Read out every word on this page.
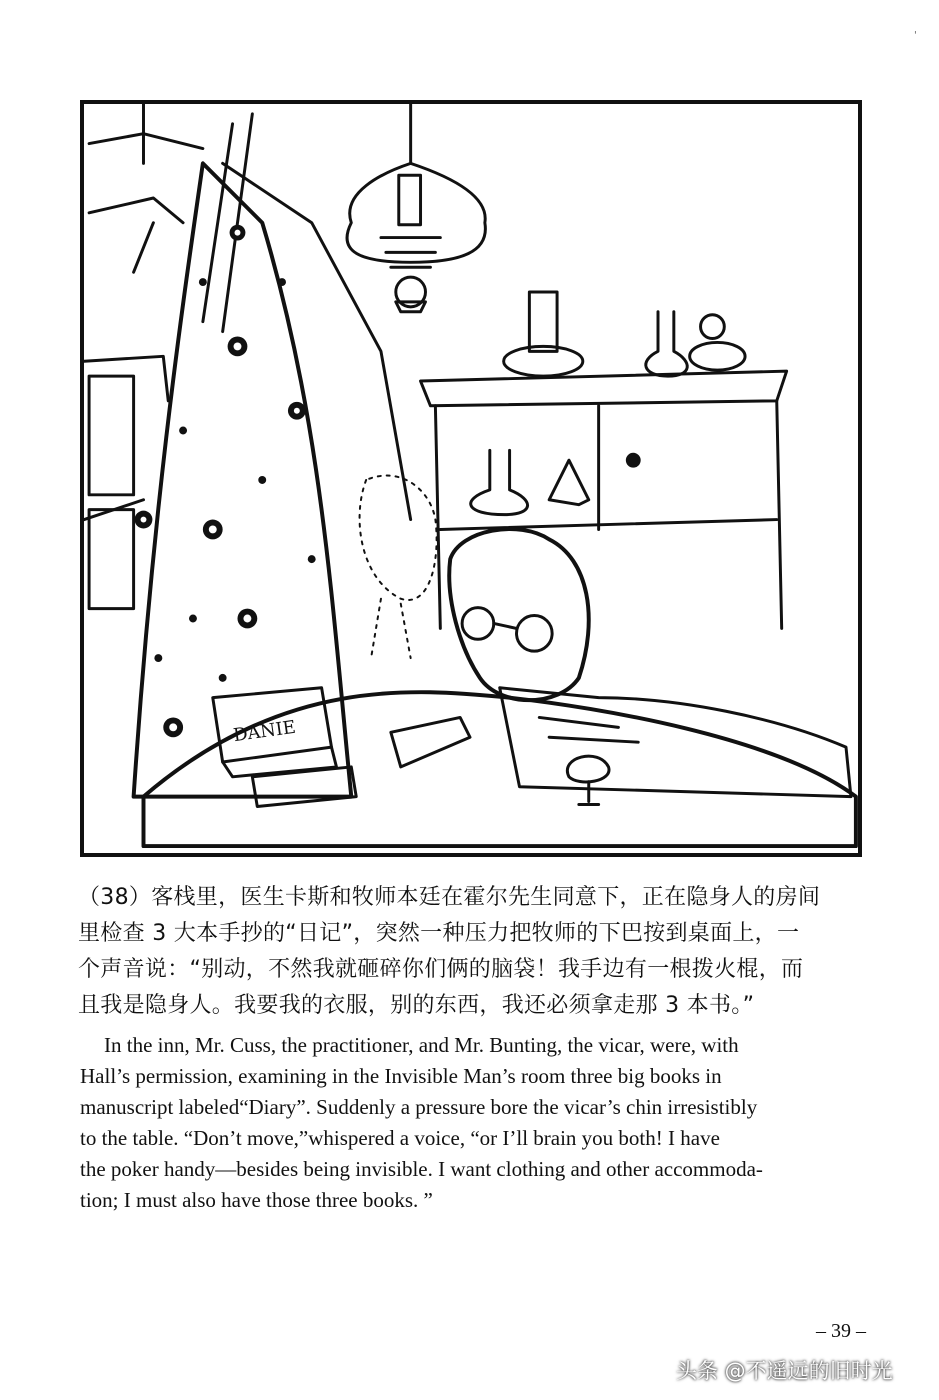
'
DANIE
（38）客栈里，医生卡斯和牧师本廷在霍尔先生同意下，正在隐身人的房间
里检查 3 大本手抄的“日记”，突然一种压力把牧师的下巴按到桌面上，一
个声音说：“别动，不然我就砸碎你们俩的脑袋！我手边有一根拨火棍，而
且我是隐身人。我要我的衣服，别的东西，我还必须拿走那 3 本书。”
In the inn, Mr. Cuss, the practitioner, and Mr. Bunting, the vicar, were, with
Hall’s permission, examining in the Invisible Man’s room three big books in
manuscript labeled“Diary”. Suddenly a pressure bore the vicar’s chin irresistibly
to the table. “Don’t move,”whispered a voice, “or I’ll brain you both! I have
the poker handy—besides being invisible. I want clothing and other accommoda-
tion; I must also have those three books. ”
– 39 –
头条 @不遥远的旧时光
